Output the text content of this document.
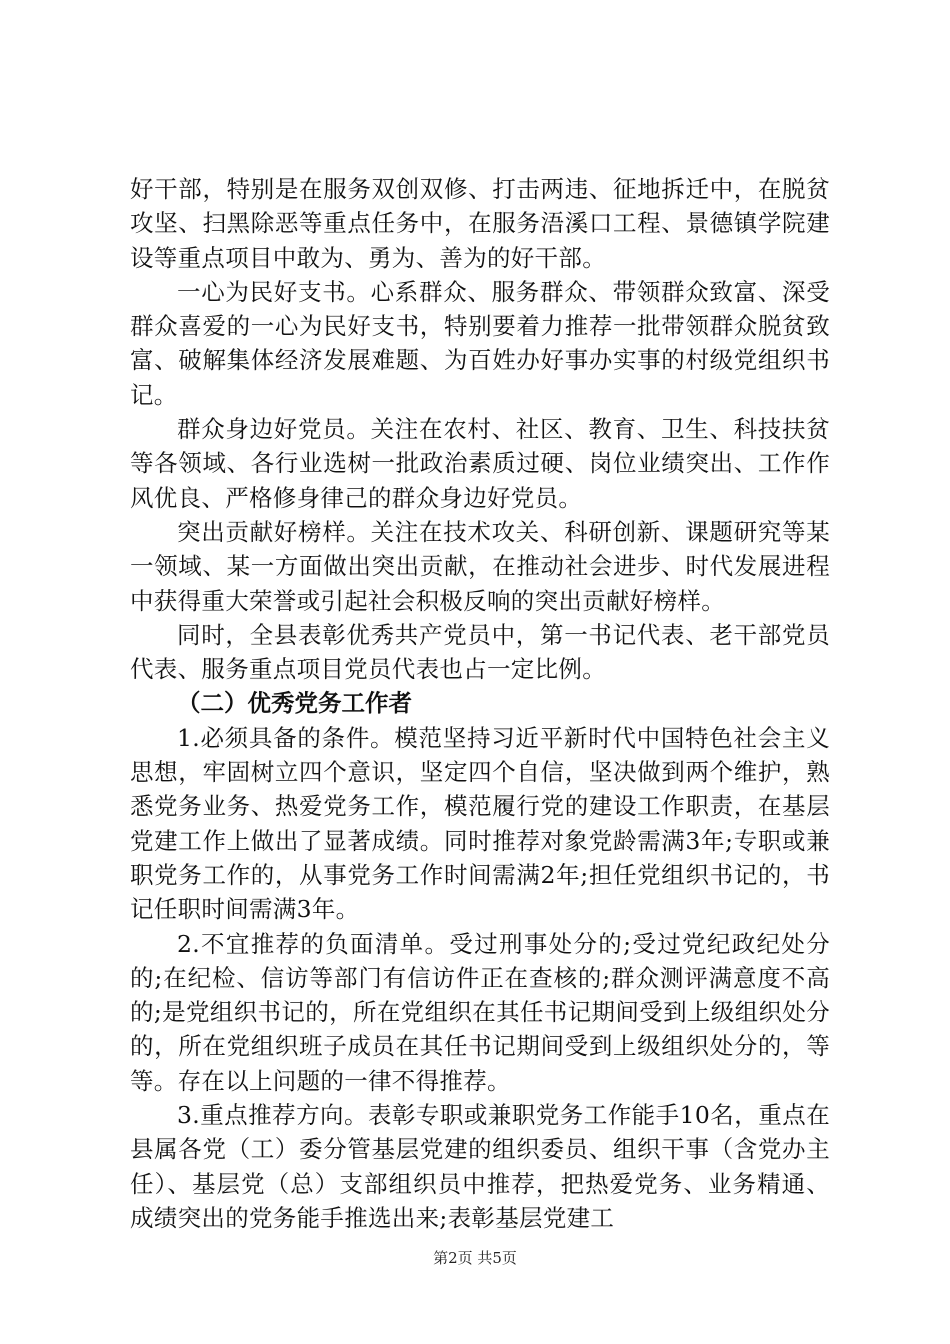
好干部，特别是在服务双创双修、打击两违、征地拆迁中，在脱贫攻坚、扫黑除恶等重点任务中，在服务浯溪口工程、景德镇学院建设等重点项目中敢为、勇为、善为的好干部。

一心为民好支书。心系群众、服务群众、带领群众致富、深受群众喜爱的一心为民好支书，特别要着力推荐一批带领群众脱贫致富、破解集体经济发展难题、为百姓办好事办实事的村级党组织书记。

群众身边好党员。关注在农村、社区、教育、卫生、科技扶贫等各领域、各行业选树一批政治素质过硬、岗位业绩突出、工作作风优良、严格修身律己的群众身边好党员。

突出贡献好榜样。关注在技术攻关、科研创新、课题研究等某一领域、某一方面做出突出贡献，在推动社会进步、时代发展进程中获得重大荣誉或引起社会积极反响的突出贡献好榜样。

同时，全县表彰优秀共产党员中，第一书记代表、老干部党员代表、服务重点项目党员代表也占一定比例。

（二）优秀党务工作者

1.必须具备的条件。模范坚持习近平新时代中国特色社会主义思想，牢固树立四个意识，坚定四个自信，坚决做到两个维护，熟悉党务业务、热爱党务工作，模范履行党的建设工作职责，在基层党建工作上做出了显著成绩。同时推荐对象党龄需满3年;专职或兼职党务工作的，从事党务工作时间需满2年;担任党组织书记的，书记任职时间需满3年。

2.不宜推荐的负面清单。受过刑事处分的;受过党纪政纪处分的;在纪检、信访等部门有信访件正在查核的;群众测评满意度不高的;是党组织书记的，所在党组织在其任书记期间受到上级组织处分的，所在党组织班子成员在其任书记期间受到上级组织处分的，等等。存在以上问题的一律不得推荐。

3.重点推荐方向。表彰专职或兼职党务工作能手10名，重点在县属各党（工）委分管基层党建的组织委员、组织干事（含党办主任）、基层党（总）支部组织员中推荐，把热爱党务、业务精通、成绩突出的党务能手推选出来;表彰基层党建工

第2页 共5页
